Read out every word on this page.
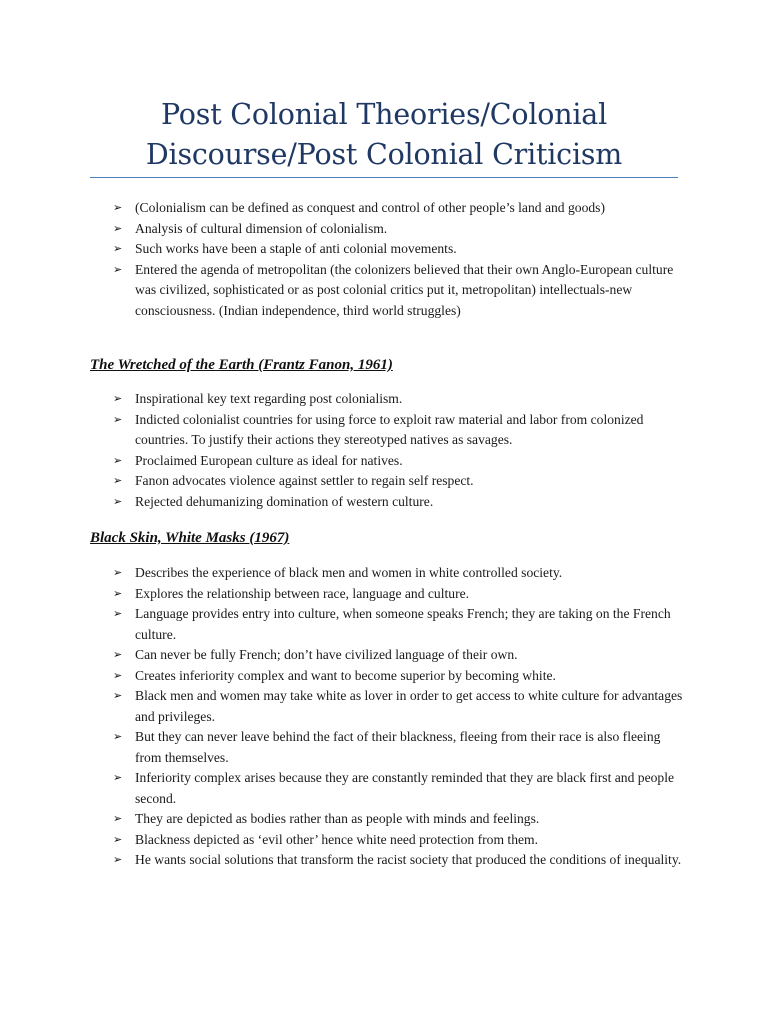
Post Colonial Theories/Colonial
Discourse/Post Colonial Criticism
➢ (Colonialism can be defined as conquest and control of other people’s land and goods)
➢ Analysis of cultural dimension of colonialism.
➢ Such works have been a staple of anti colonial movements.
➢ Entered the agenda of metropolitan (the colonizers believed that their own Anglo-European culture was civilized, sophisticated or as post colonial critics put it, metropolitan) intellectuals-new consciousness. (Indian independence, third world struggles)
The Wretched of the Earth (Frantz Fanon, 1961)
➢ Inspirational key text regarding post colonialism.
➢ Indicted colonialist countries for using force to exploit raw material and labor from colonized countries. To justify their actions they stereotyped natives as savages.
➢ Proclaimed European culture as ideal for natives.
➢ Fanon advocates violence against settler to regain self respect.
➢ Rejected dehumanizing domination of western culture.
Black Skin, White Masks (1967)
➢ Describes the experience of black men and women in white controlled society.
➢ Explores the relationship between race, language and culture.
➢ Language provides entry into culture, when someone speaks French; they are taking on the French culture.
➢ Can never be fully French; don’t have civilized language of their own.
➢ Creates inferiority complex and want to become superior by becoming white.
➢ Black men and women may take white as lover in order to get access to white culture for advantages and privileges.
➢ But they can never leave behind the fact of their blackness, fleeing from their race is also fleeing from themselves.
➢ Inferiority complex arises because they are constantly reminded that they are black first and people second.
➢ They are depicted as bodies rather than as people with minds and feelings.
➢ Blackness depicted as ‘evil other’ hence white need protection from them.
➢ He wants social solutions that transform the racist society that produced the conditions of inequality.
